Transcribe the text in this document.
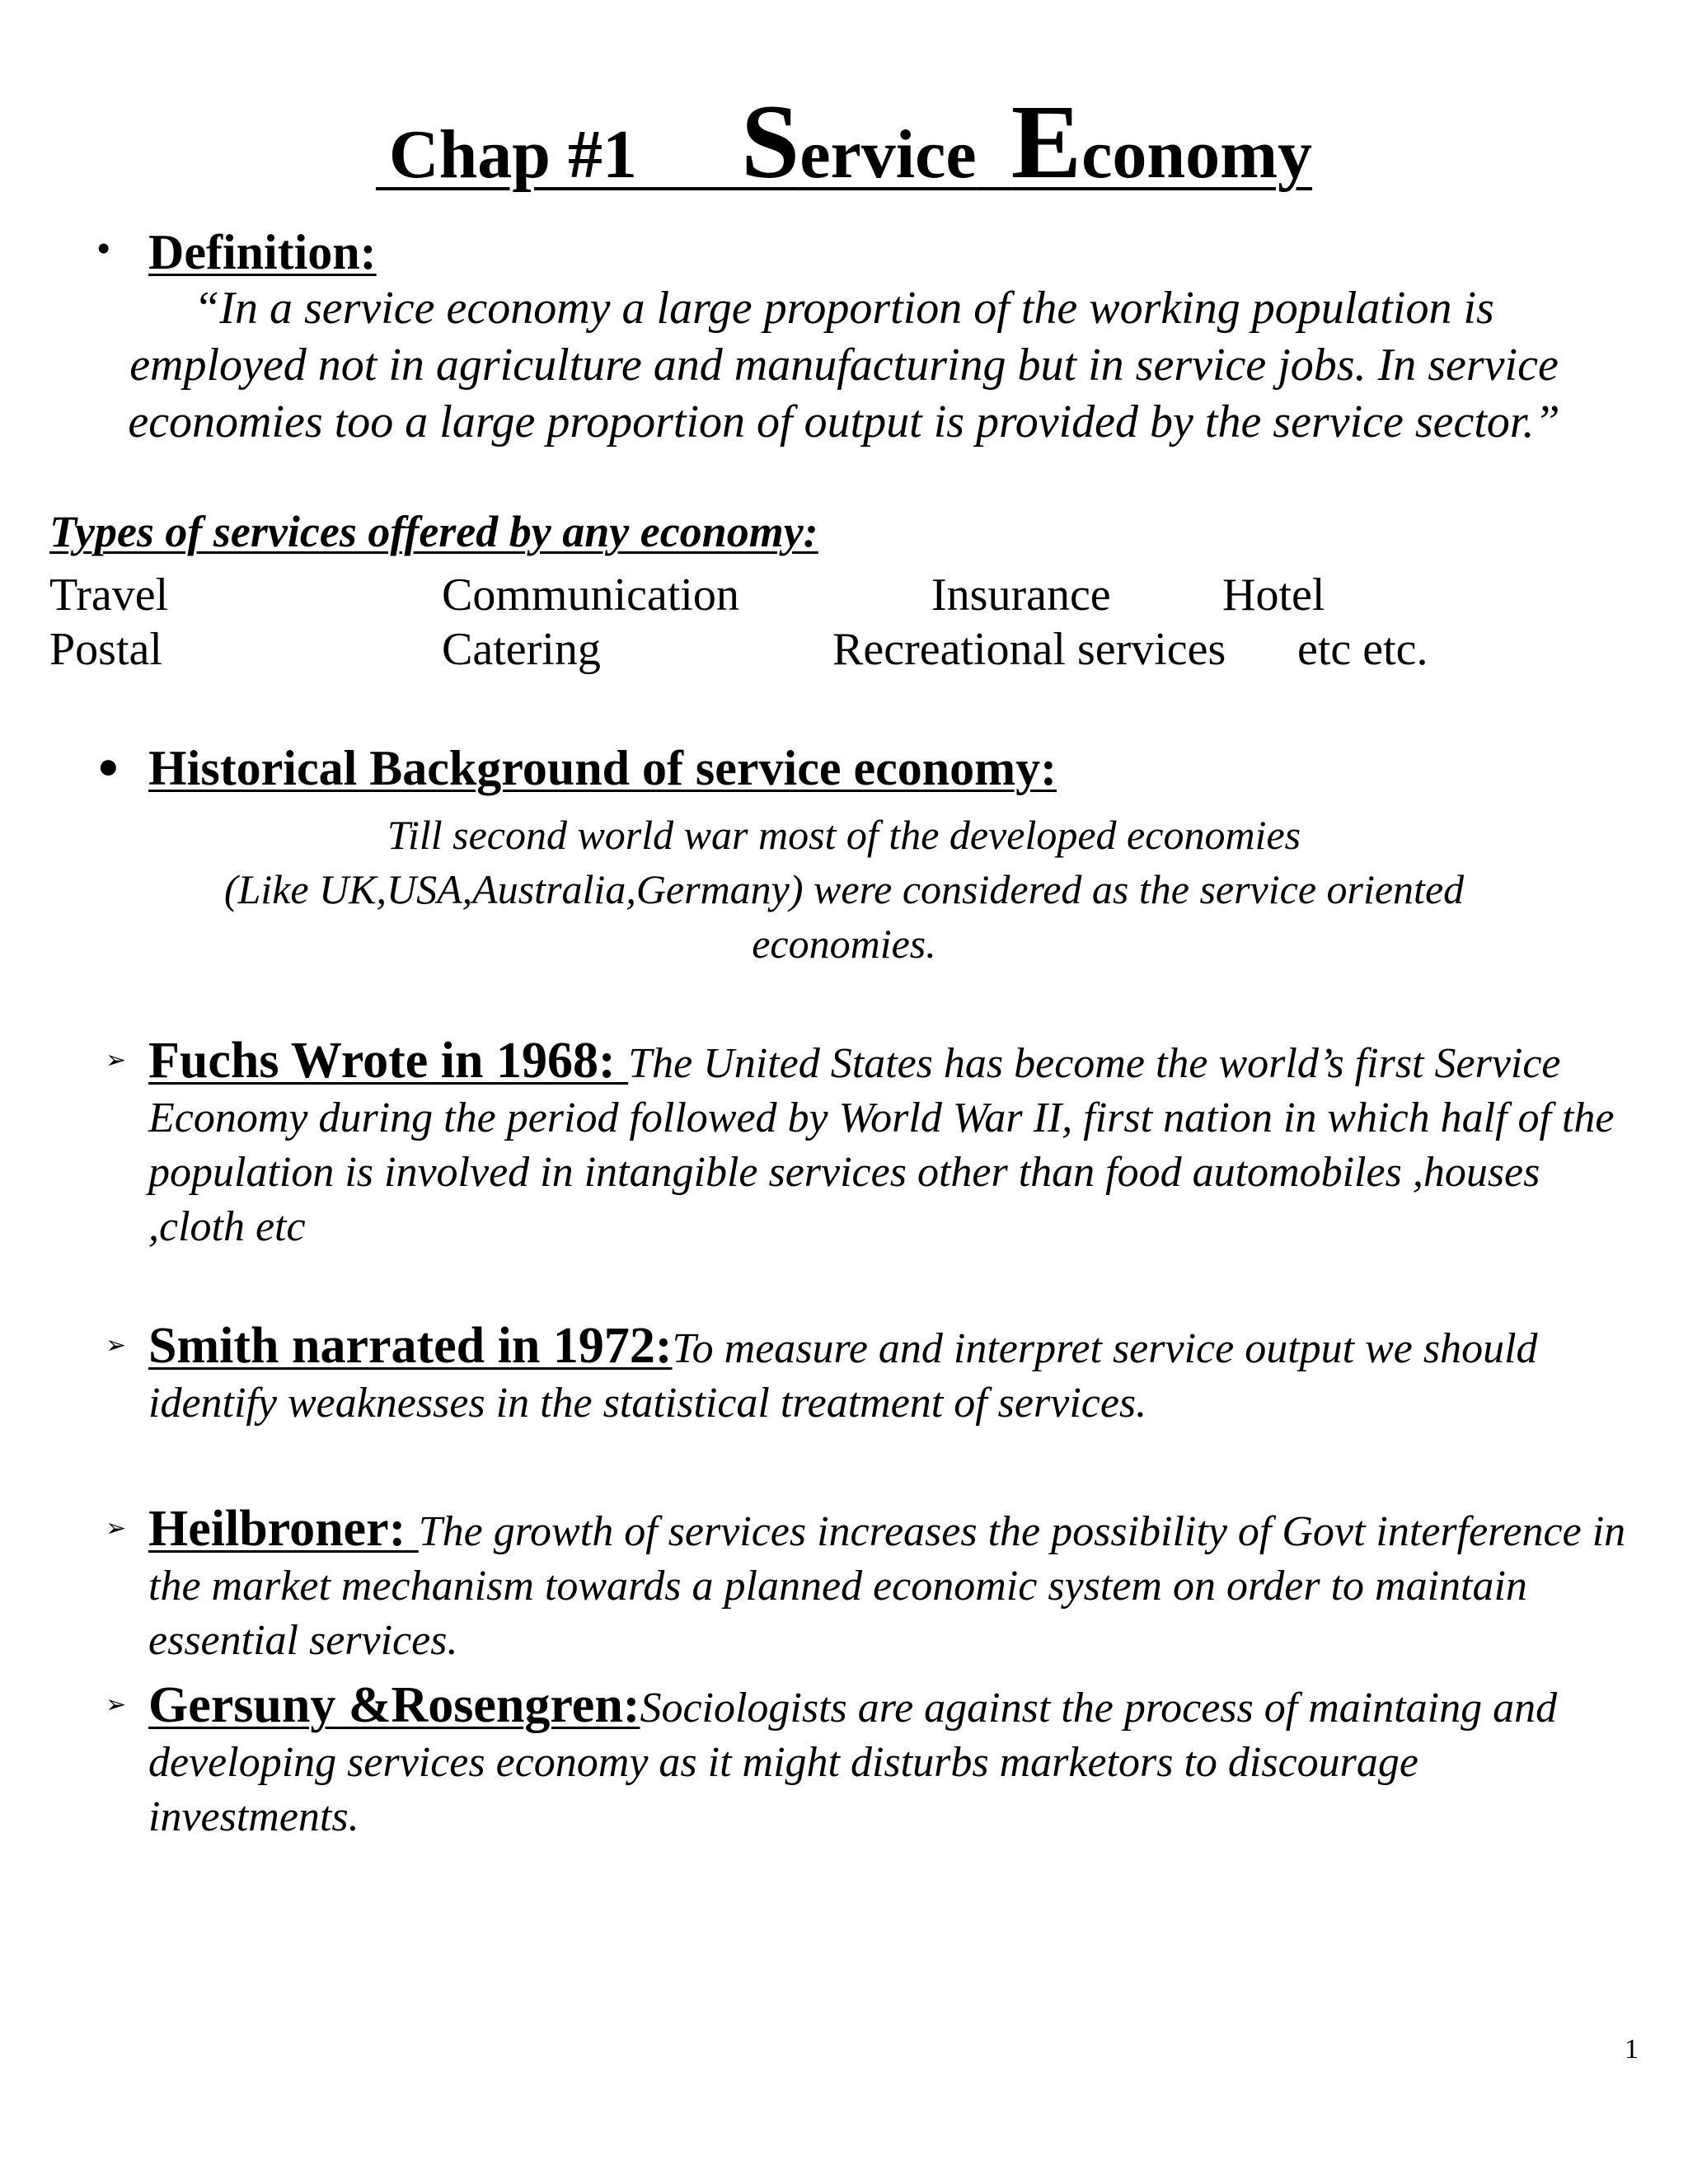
Chap #1 Service Economy

• Definition:
“In a service economy a large proportion of the working population is
employed not in agriculture and manufacturing but in service jobs. In service
economies too a large proportion of output is provided by the service sector.”
Types of services offered by any economy:
Travel	Communication	Insurance Hotel
Postal	Catering	Recreational services etc etc.
● Historical Background of service economy:
Till second world war most of the developed economies
(Like UK,USA,Australia,Germany) were considered as the service oriented
economies.
➢ Fuchs Wrote in 1968: The United States has become the world’s first Service Economy during the period followed by World War II, first nation in which half of the population is involved in intangible services other than food automobiles ,houses ,cloth etc
➢ Smith narrated in 1972:To measure and interpret service output we should identify weaknesses in the statistical treatment of services.
➢ Heilbroner: The growth of services increases the possibility of Govt interference in the market mechanism towards a planned economic system on order to maintain essential services.
➢ Gersuny &Rosengren:Sociologists are against the process of maintaing and developing services economy as it might disturbs marketors to discourage investments.
1
